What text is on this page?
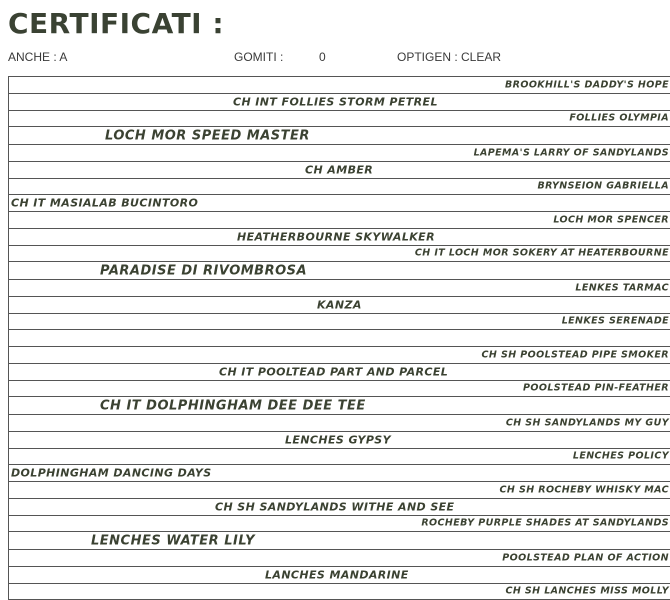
CERTIFICATI :
ANCHE : A	GOMITI :	0	OPTIGEN : CLEAR
BROOKHILL'S DADDY'S HOPE
CH INT FOLLIES STORM PETREL
FOLLIES OLYMPIA
LOCH MOR SPEED MASTER
LAPEMA'S LARRY OF SANDYLANDS
CH AMBER
BRYNSEION GABRIELLA
CH IT MASIALAB BUCINTORO
LOCH MOR SPENCER
HEATHERBOURNE SKYWALKER
CH IT LOCH MOR SOKERY AT HEATERBOURNE
PARADISE DI RIVOMBROSA
LENKES TARMAC
KANZA
LENKES SERENADE
CH SH POOLSTEAD PIPE SMOKER
CH IT POOLTEAD PART AND PARCEL
POOLSTEAD PIN-FEATHER
CH IT DOLPHINGHAM DEE DEE TEE
CH SH SANDYLANDS MY GUY
LENCHES GYPSY
LENCHES POLICY
DOLPHINGHAM DANCING DAYS
CH SH ROCHEBY WHISKY MAC
CH SH SANDYLANDS WITHE AND SEE
ROCHEBY PURPLE SHADES AT SANDYLANDS
LENCHES WATER LILY
POOLSTEAD PLAN OF ACTION
LANCHES MANDARINE
CH SH LANCHES MISS MOLLY
